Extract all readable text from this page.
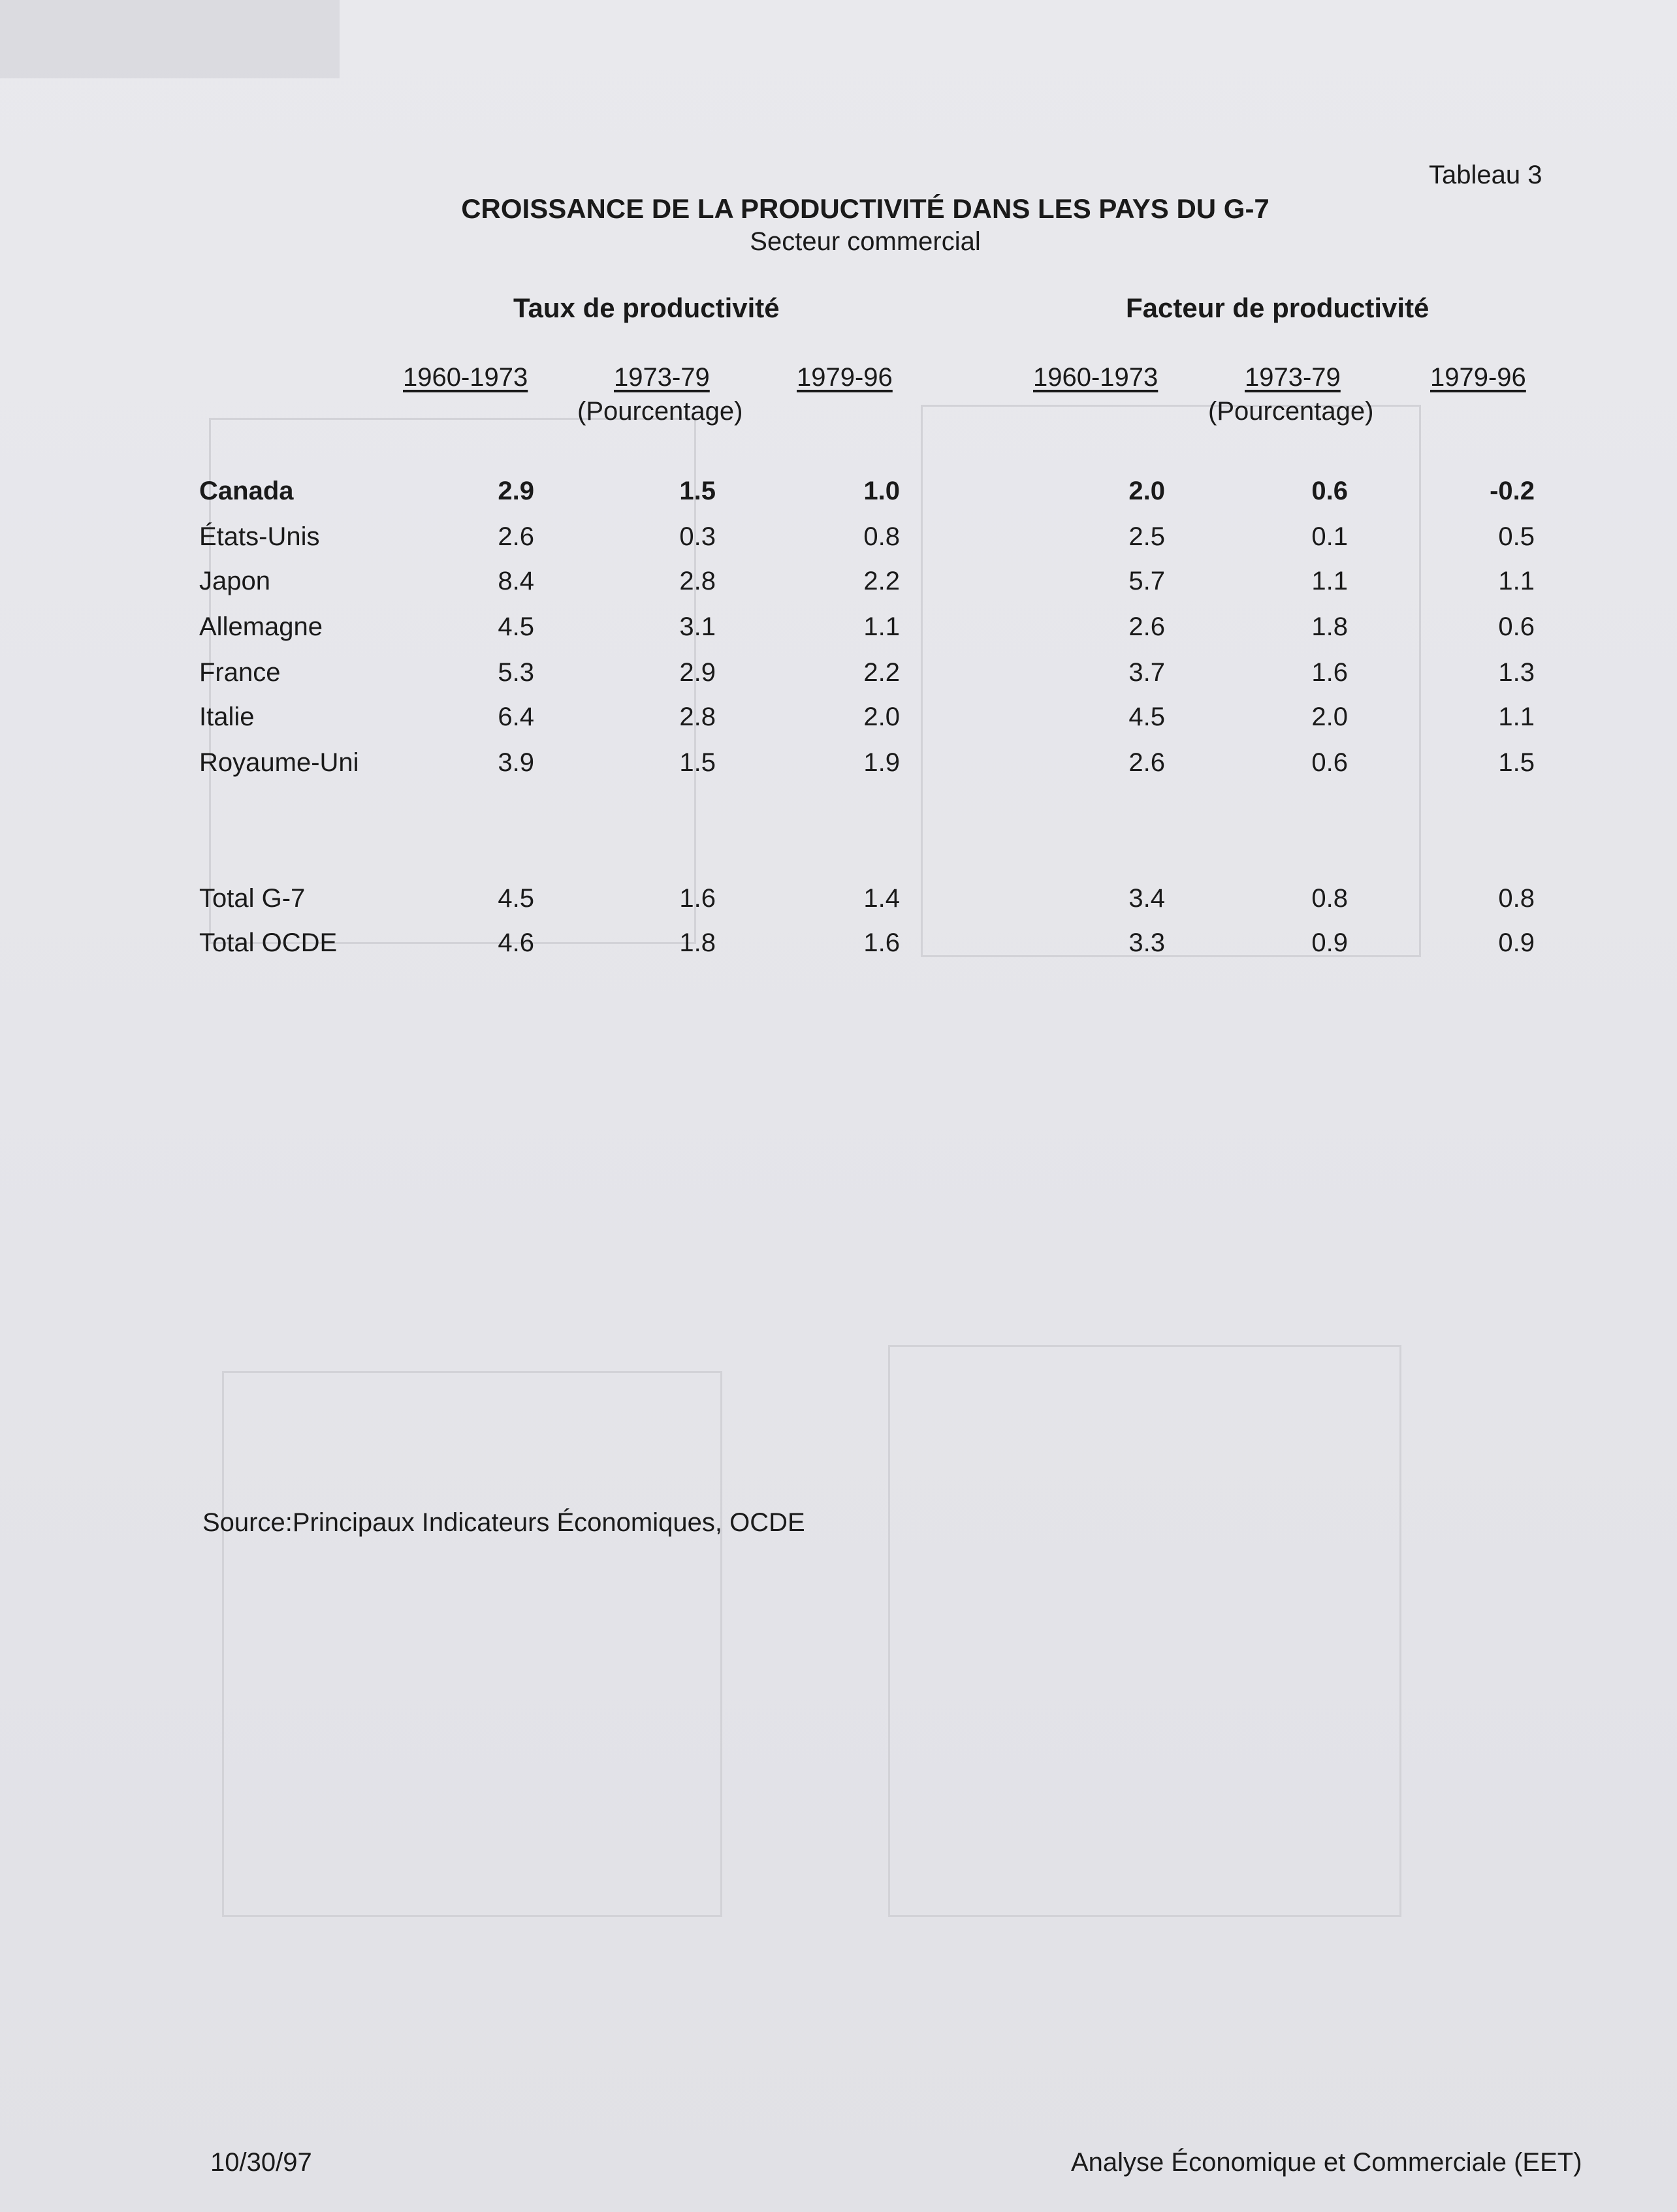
Tableau 3
CROISSANCE DE LA PRODUCTIVITÉ DANS LES PAYS DU G-7
Secteur commercial
Taux de productivité	Facteur de productivité
1960-1973	1973-79	1979-96
(Pourcentage)
1960-1973	1973-79	1979-96
(Pourcentage)
Canada	2.9	1.5	1.0	2.0	0.6	-0.2
États-Unis	2.6	0.3	0.8	2.5	0.1	0.5
Japon	8.4	2.8	2.2	5.7	1.1	1.1
Allemagne	4.5	3.1	1.1	2.6	1.8	0.6
France	5.3	2.9	2.2	3.7	1.6	1.3
Italie	6.4	2.8	2.0	4.5	2.0	1.1
Royaume-Uni	3.9	1.5	1.9	2.6	0.6	1.5
Total G-7	4.5	1.6	1.4	3.4	0.8	0.8
Total OCDE	4.6	1.8	1.6	3.3	0.9	0.9
Source:Principaux Indicateurs Économiques, OCDE
10/30/97	Analyse Économique et Commerciale (EET)
